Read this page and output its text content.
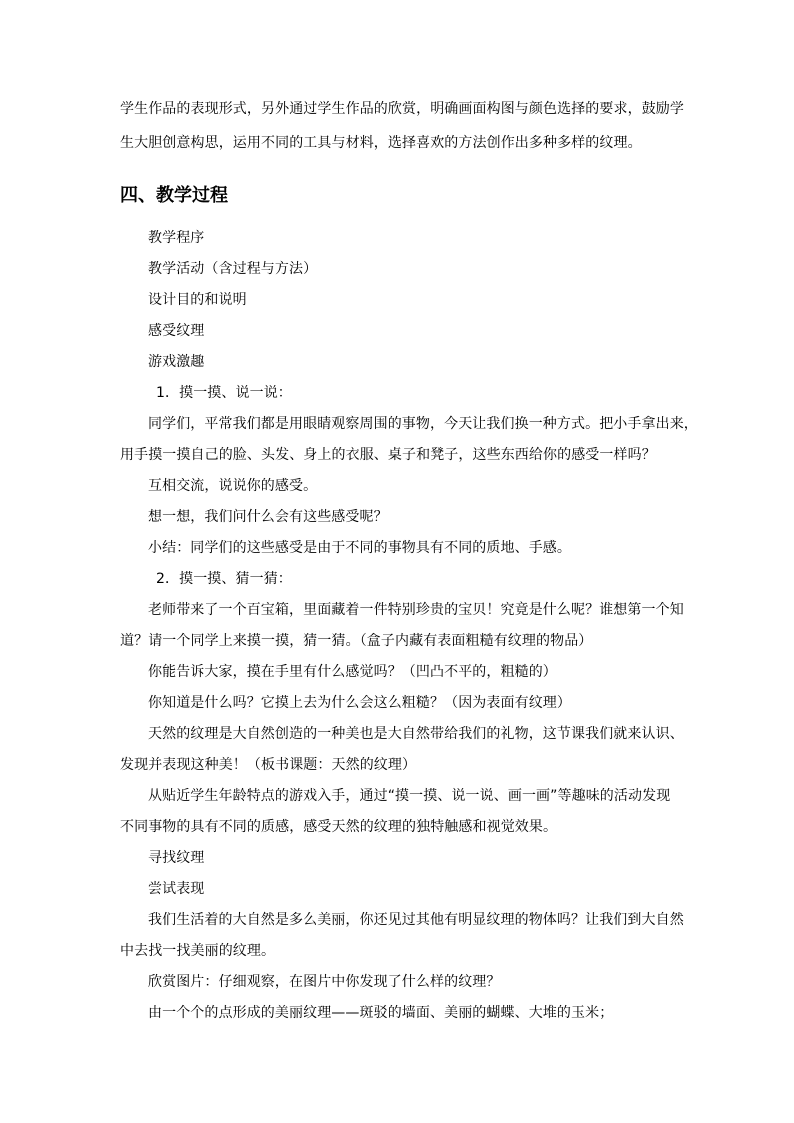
学生作品的表现形式，另外通过学生作品的欣赏，明确画面构图与颜色选择的要求，鼓励学
生大胆创意构思，运用不同的工具与材料，选择喜欢的方法创作出多种多样的纹理。
四、教学过程
教学程序
教学活动（含过程与方法）
设计目的和说明
感受纹理
游戏激趣
1．摸一摸、说一说：
同学们，平常我们都是用眼睛观察周围的事物，今天让我们换一种方式。把小手拿出来，
用手摸一摸自己的脸、头发、身上的衣服、桌子和凳子，这些东西给你的感受一样吗？
互相交流，说说你的感受。
想一想，我们问什么会有这些感受呢？
小结：同学们的这些感受是由于不同的事物具有不同的质地、手感。
2．摸一摸、猜一猜：
老师带来了一个百宝箱，里面藏着一件特别珍贵的宝贝！究竟是什么呢？谁想第一个知
道？请一个同学上来摸一摸，猜一猜。（盒子内藏有表面粗糙有纹理的物品）
你能告诉大家，摸在手里有什么感觉吗？（凹凸不平的，粗糙的）
你知道是什么吗？它摸上去为什么会这么粗糙？（因为表面有纹理）
天然的纹理是大自然创造的一种美也是大自然带给我们的礼物，这节课我们就来认识、
发现并表现这种美！（板书课题：天然的纹理）
从贴近学生年龄特点的游戏入手，通过“摸一摸、说一说、画一画”等趣味的活动发现
不同事物的具有不同的质感，感受天然的纹理的独特触感和视觉效果。
寻找纹理
尝试表现
我们生活着的大自然是多么美丽，你还见过其他有明显纹理的物体吗？让我们到大自然
中去找一找美丽的纹理。
欣赏图片：仔细观察，在图片中你发现了什么样的纹理？
由一个个的点形成的美丽纹理——斑驳的墙面、美丽的蝴蝶、大堆的玉米；
